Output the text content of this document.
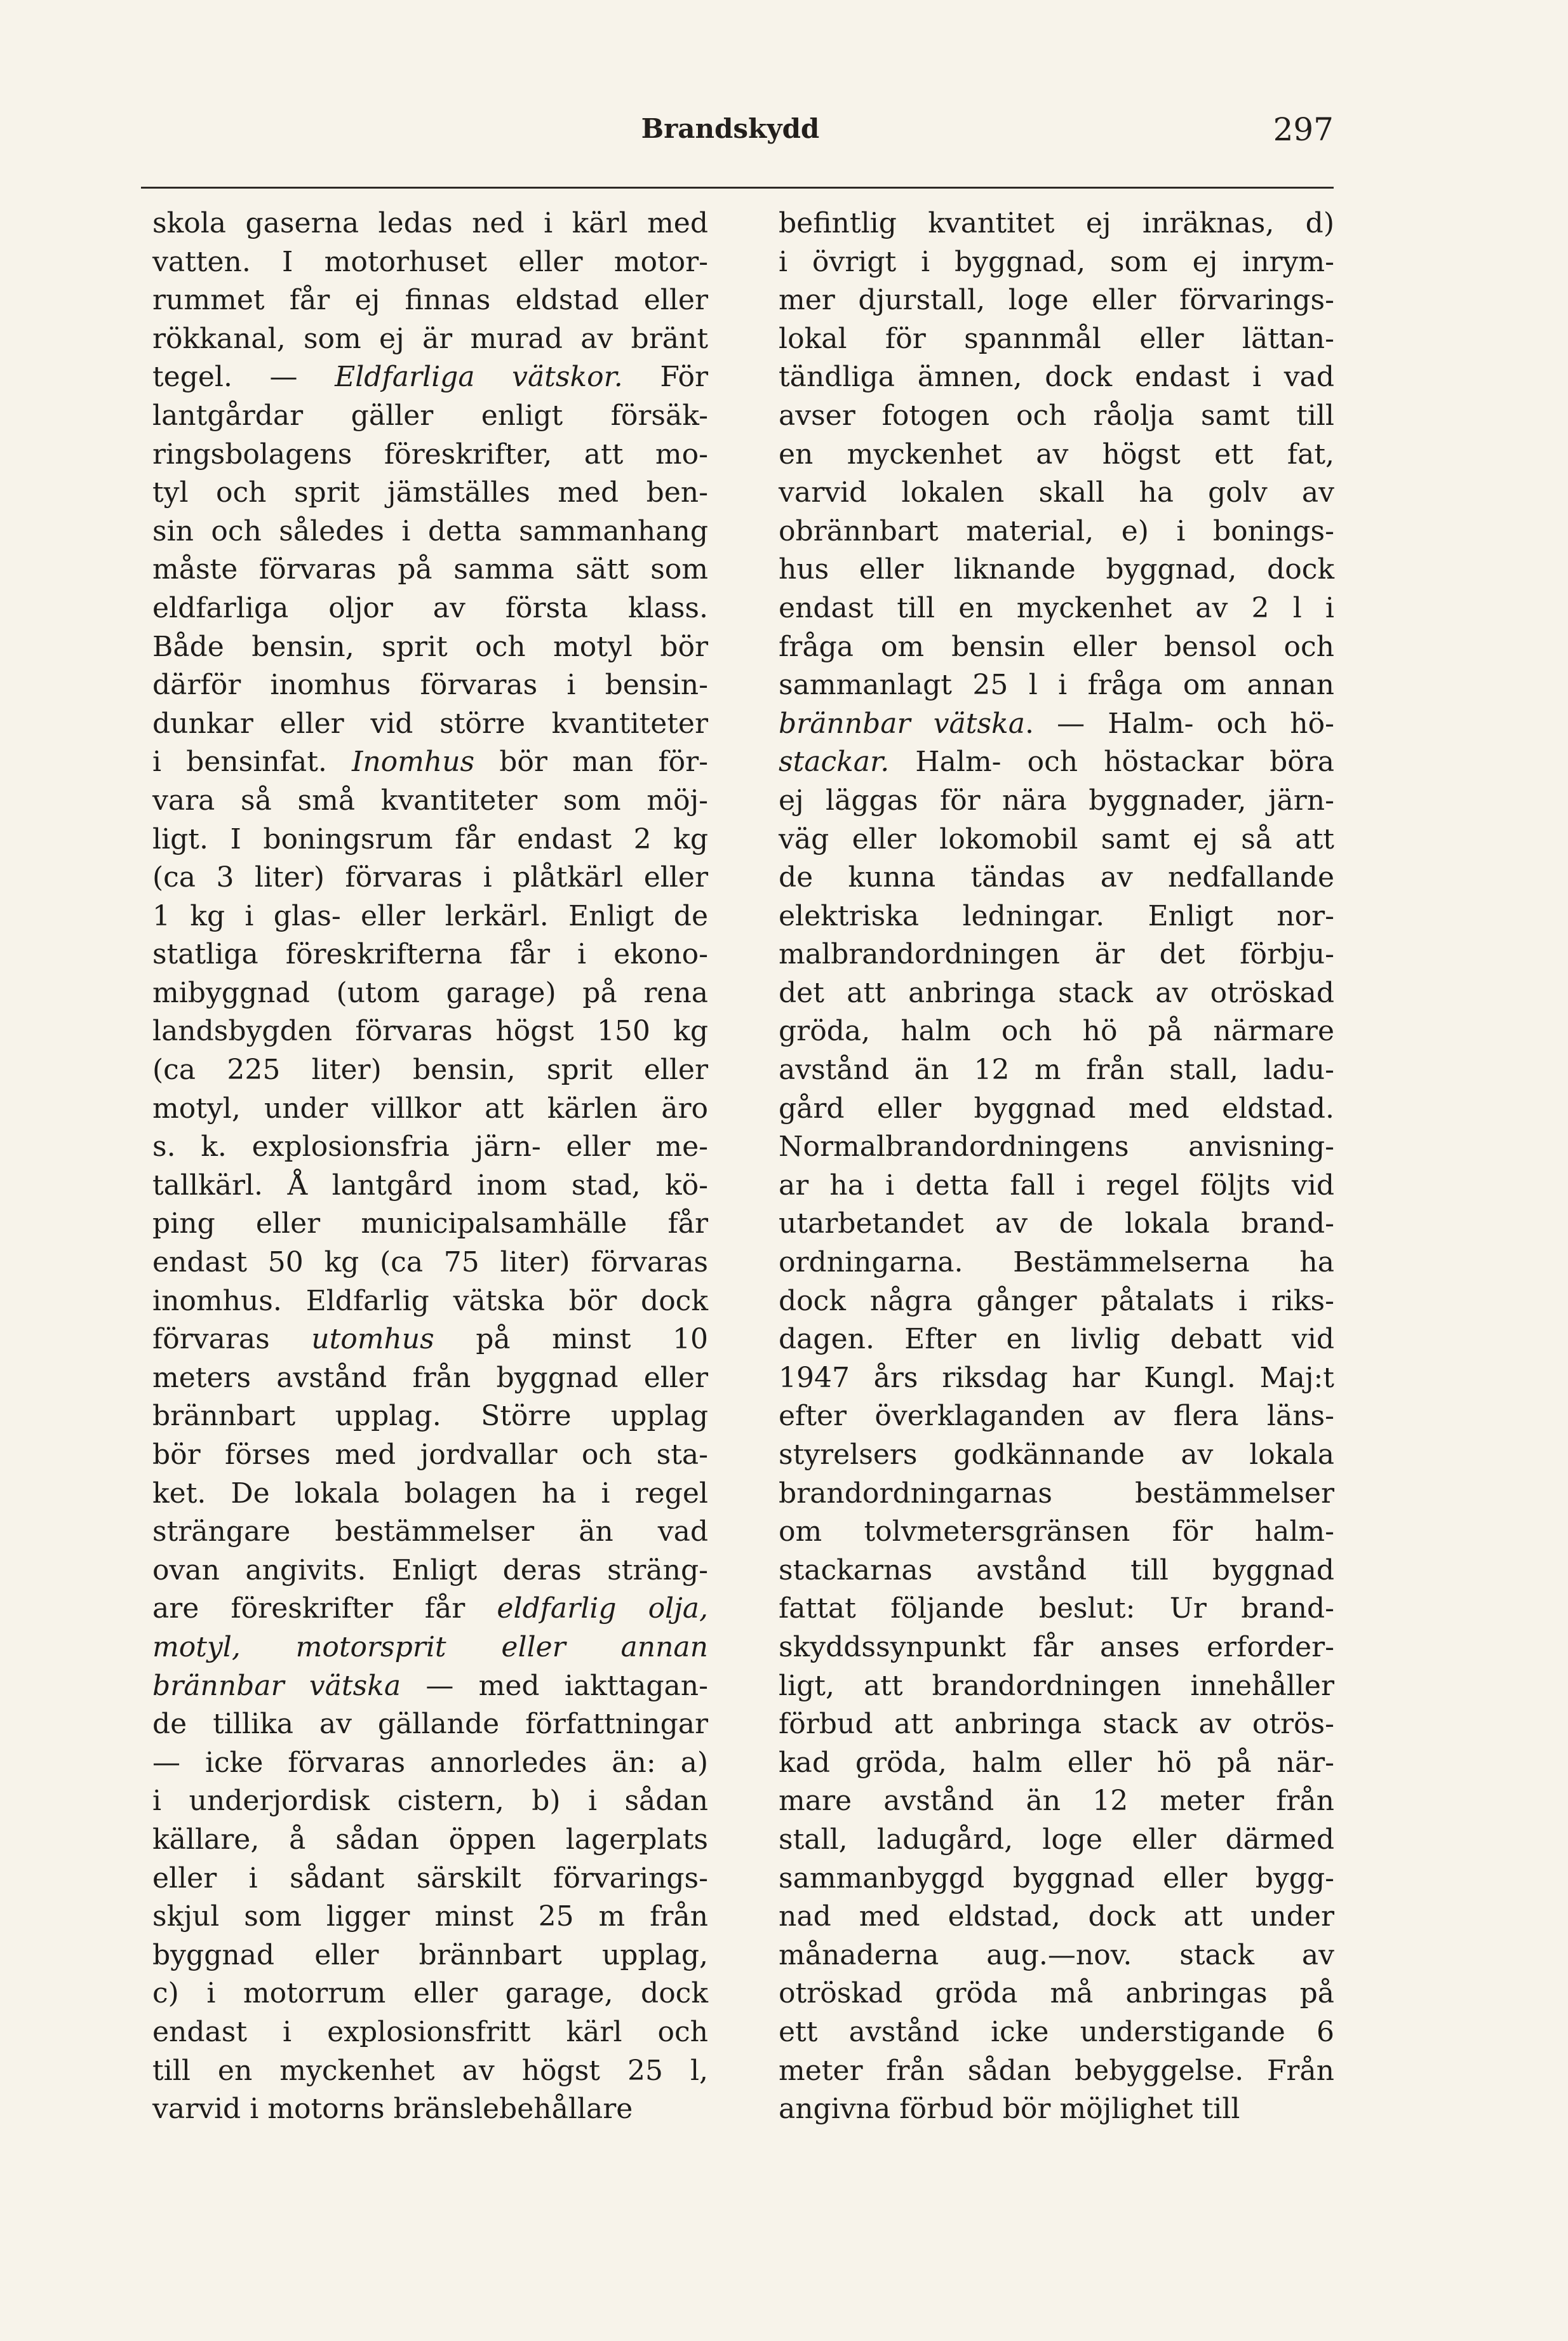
Brandskydd	297
skola gaserna ledas ned i kärl med
vatten. I motorhuset eller motor-
rummet får ej finnas eldstad eller
rökkanal, som ej är murad av bränt
tegel. — Eldfarliga vätskor. För
lantgårdar gäller enligt försäk-
ringsbolagens föreskrifter, att mo-
tyl och sprit jämställes med ben-
sin och således i detta sammanhang
måste förvaras på samma sätt som
eldfarliga oljor av första klass.
Både bensin, sprit och motyl bör
därför inomhus förvaras i bensin-
dunkar eller vid större kvantiteter
i bensinfat. Inomhus bör man för-
vara så små kvantiteter som möj-
ligt. I boningsrum får endast 2 kg
(ca 3 liter) förvaras i plåtkärl eller
1 kg i glas- eller lerkärl. Enligt de
statliga föreskrifterna får i ekono-
mibyggnad (utom garage) på rena
landsbygden förvaras högst 150 kg
(ca 225 liter) bensin, sprit eller
motyl, under villkor att kärlen äro
s. k. explosionsfria järn- eller me-
tallkärl. Å lantgård inom stad, kö-
ping eller municipalsamhälle får
endast 50 kg (ca 75 liter) förvaras
inomhus. Eldfarlig vätska bör dock
förvaras utomhus på minst 10
meters avstånd från byggnad eller
brännbart upplag. Större upplag
bör förses med jordvallar och sta-
ket. De lokala bolagen ha i regel
strängare bestämmelser än vad
ovan angivits. Enligt deras sträng-
are föreskrifter får eldfarlig olja,
motyl, motorsprit eller annan
brännbar vätska — med iakttagan-
de tillika av gällande författningar
— icke förvaras annorledes än: a)
i underjordisk cistern, b) i sådan
källare, å sådan öppen lagerplats
eller i sådant särskilt förvarings-
skjul som ligger minst 25 m från
byggnad eller brännbart upplag,
c) i motorrum eller garage, dock
endast i explosionsfritt kärl och
till en myckenhet av högst 25 l,
varvid i motorns bränslebehållare
befintlig kvantitet ej inräknas, d)
i övrigt i byggnad, som ej inrym-
mer djurstall, loge eller förvarings-
lokal för spannmål eller lättan-
tändliga ämnen, dock endast i vad
avser fotogen och råolja samt till
en myckenhet av högst ett fat,
varvid lokalen skall ha golv av
obrännbart material, e) i bonings-
hus eller liknande byggnad, dock
endast till en myckenhet av 2 l i
fråga om bensin eller bensol och
sammanlagt 25 l i fråga om annan
brännbar vätska. — Halm- och hö-
stackar. Halm- och höstackar böra
ej läggas för nära byggnader, järn-
väg eller lokomobil samt ej så att
de kunna tändas av nedfallande
elektriska ledningar. Enligt nor-
malbrandordningen är det förbju-
det att anbringa stack av otröskad
gröda, halm och hö på närmare
avstånd än 12 m från stall, ladu-
gård eller byggnad med eldstad.
Normalbrandordningens anvisning-
ar ha i detta fall i regel följts vid
utarbetandet av de lokala brand-
ordningarna. Bestämmelserna ha
dock några gånger påtalats i riks-
dagen. Efter en livlig debatt vid
1947 års riksdag har Kungl. Maj:t
efter överklaganden av flera läns-
styrelsers godkännande av lokala
brandordningarnas bestämmelser
om tolvmetersgränsen för halm-
stackarnas avstånd till byggnad
fattat följande beslut: Ur brand-
skyddssynpunkt får anses erforder-
ligt, att brandordningen innehåller
förbud att anbringa stack av otrös-
kad gröda, halm eller hö på när-
mare avstånd än 12 meter från
stall, ladugård, loge eller därmed
sammanbyggd byggnad eller bygg-
nad med eldstad, dock att under
månaderna aug.—nov. stack av
otröskad gröda må anbringas på
ett avstånd icke understigande 6
meter från sådan bebyggelse. Från
angivna förbud bör möjlighet till
